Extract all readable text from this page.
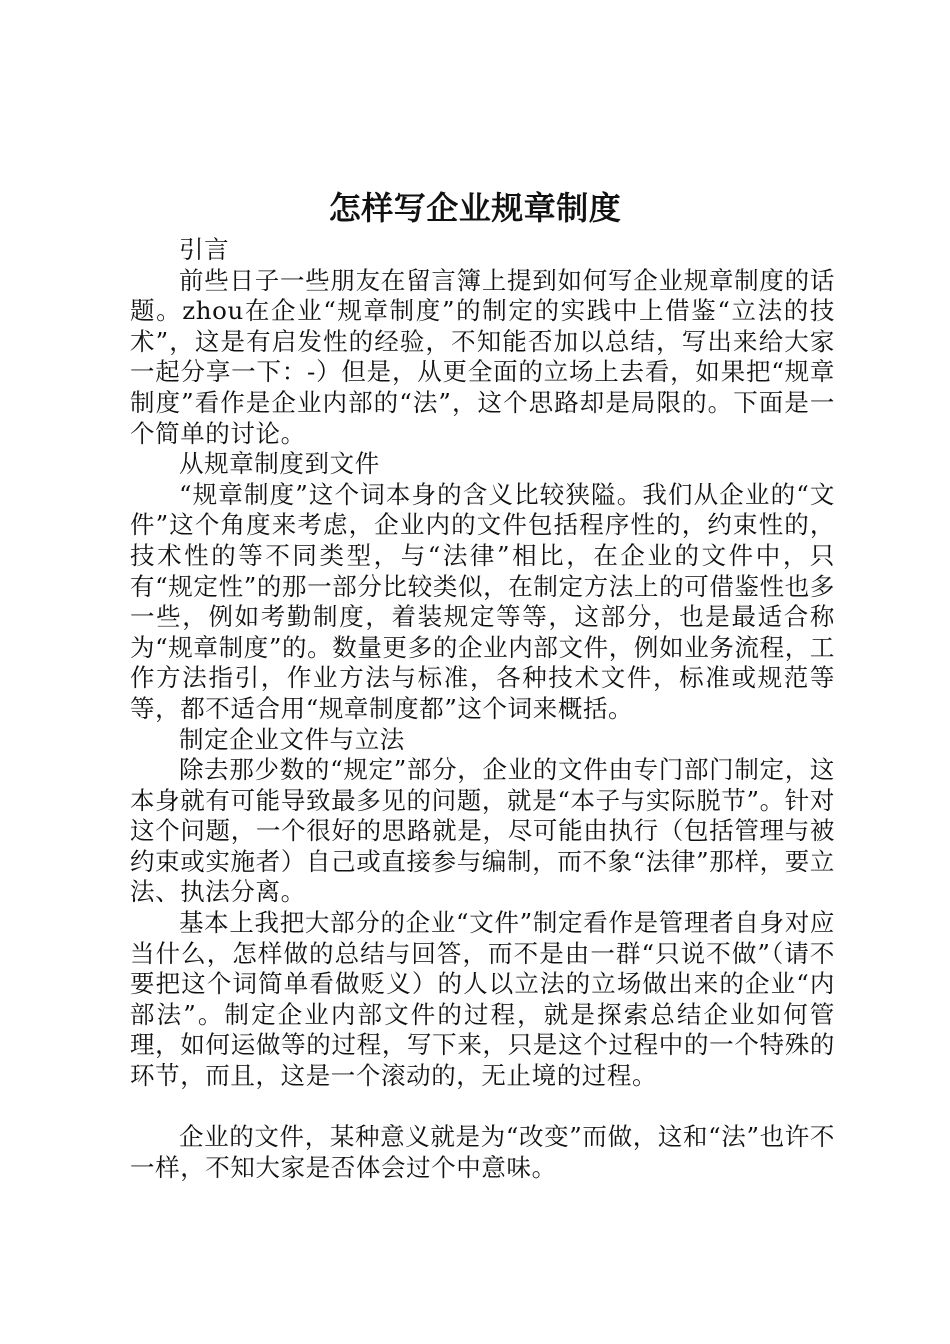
怎样写企业规章制度

引言

前些日子一些朋友在留言簿上提到如何写企业规章制度的话题。zhou在企业“规章制度”的制定的实践中上借鉴“立法的技术”，这是有启发性的经验，不知能否加以总结，写出来给大家一起分享一下：-）但是，从更全面的立场上去看，如果把“规章制度”看作是企业内部的“法”，这个思路却是局限的。下面是一个简单的讨论。

从规章制度到文件

“规章制度”这个词本身的含义比较狭隘。我们从企业的“文件”这个角度来考虑，企业内的文件包括程序性的，约束性的，技术性的等不同类型，与“法律”相比，在企业的文件中，只有“规定性”的那一部分比较类似，在制定方法上的可借鉴性也多一些，例如考勤制度，着装规定等等，这部分，也是最适合称为“规章制度”的。数量更多的企业内部文件，例如业务流程，工作方法指引，作业方法与标准，各种技术文件，标准或规范等等，都不适合用“规章制度都”这个词来概括。

制定企业文件与立法

除去那少数的“规定”部分，企业的文件由专门部门制定，这本身就有可能导致最多见的问题，就是“本子与实际脱节”。针对这个问题，一个很好的思路就是，尽可能由执行（包括管理与被约束或实施者）自己或直接参与编制，而不象“法律”那样，要立法、执法分离。

基本上我把大部分的企业“文件”制定看作是管理者自身对应当什么，怎样做的总结与回答，而不是由一群“只说不做”（请不要把这个词简单看做贬义）的人以立法的立场做出来的企业“内部法”。制定企业内部文件的过程，就是探索总结企业如何管理，如何运做等的过程，写下来，只是这个过程中的一个特殊的环节，而且，这是一个滚动的，无止境的过程。

企业的文件，某种意义就是为“改变”而做，这和“法”也许不一样，不知大家是否体会过个中意味。
